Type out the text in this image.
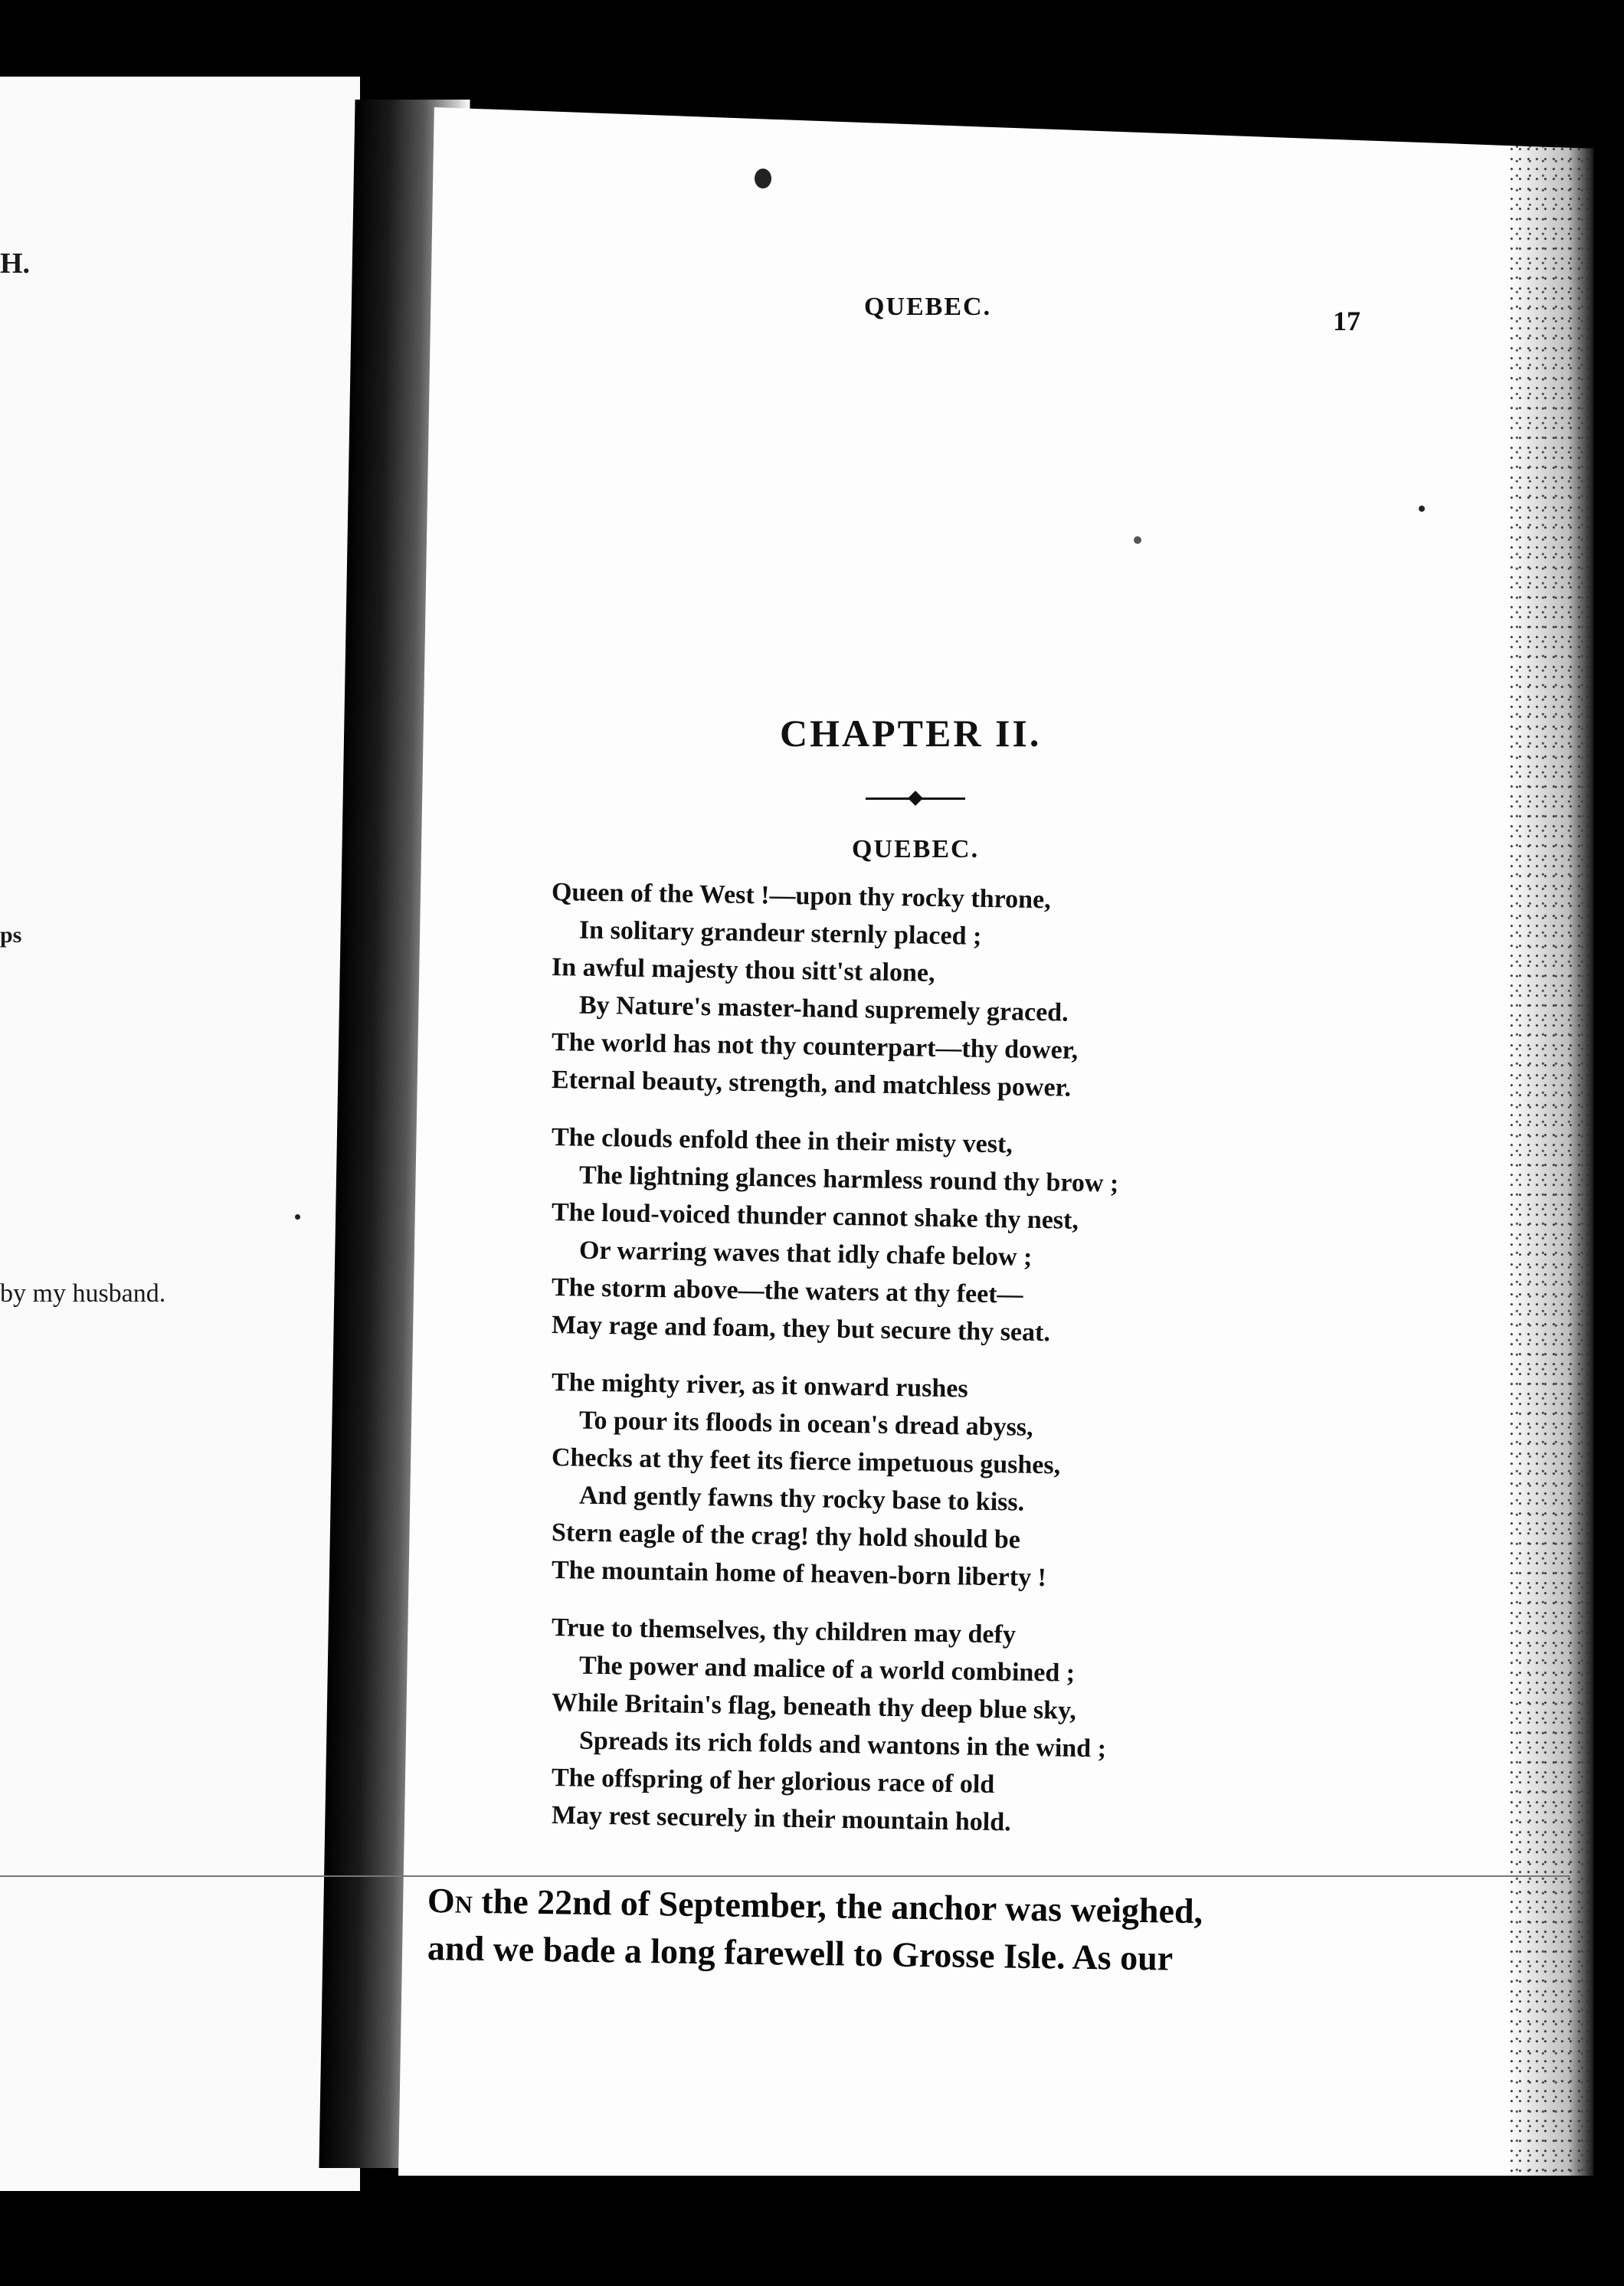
H.
ps
by my husband.
QUEBEC.	17
CHAPTER II.
QUEBEC.
Queen of the West !—upon thy rocky throne,
In solitary grandeur sternly placed ;
In awful majesty thou sitt'st alone,
By Nature's master-hand supremely graced.
The world has not thy counterpart—thy dower,
Eternal beauty, strength, and matchless power.
The clouds enfold thee in their misty vest,
The lightning glances harmless round thy brow ;
The loud-voiced thunder cannot shake thy nest,
Or warring waves that idly chafe below ;
The storm above—the waters at thy feet—
May rage and foam, they but secure thy seat.
The mighty river, as it onward rushes
To pour its floods in ocean's dread abyss,
Checks at thy feet its fierce impetuous gushes,
And gently fawns thy rocky base to kiss.
Stern eagle of the crag! thy hold should be
The mountain home of heaven-born liberty !
True to themselves, thy children may defy
The power and malice of a world combined ;
While Britain's flag, beneath thy deep blue sky,
Spreads its rich folds and wantons in the wind ;
The offspring of her glorious race of old
May rest securely in their mountain hold.
On the 22nd of September, the anchor was weighed,
and we bade a long farewell to Grosse Isle. As our
